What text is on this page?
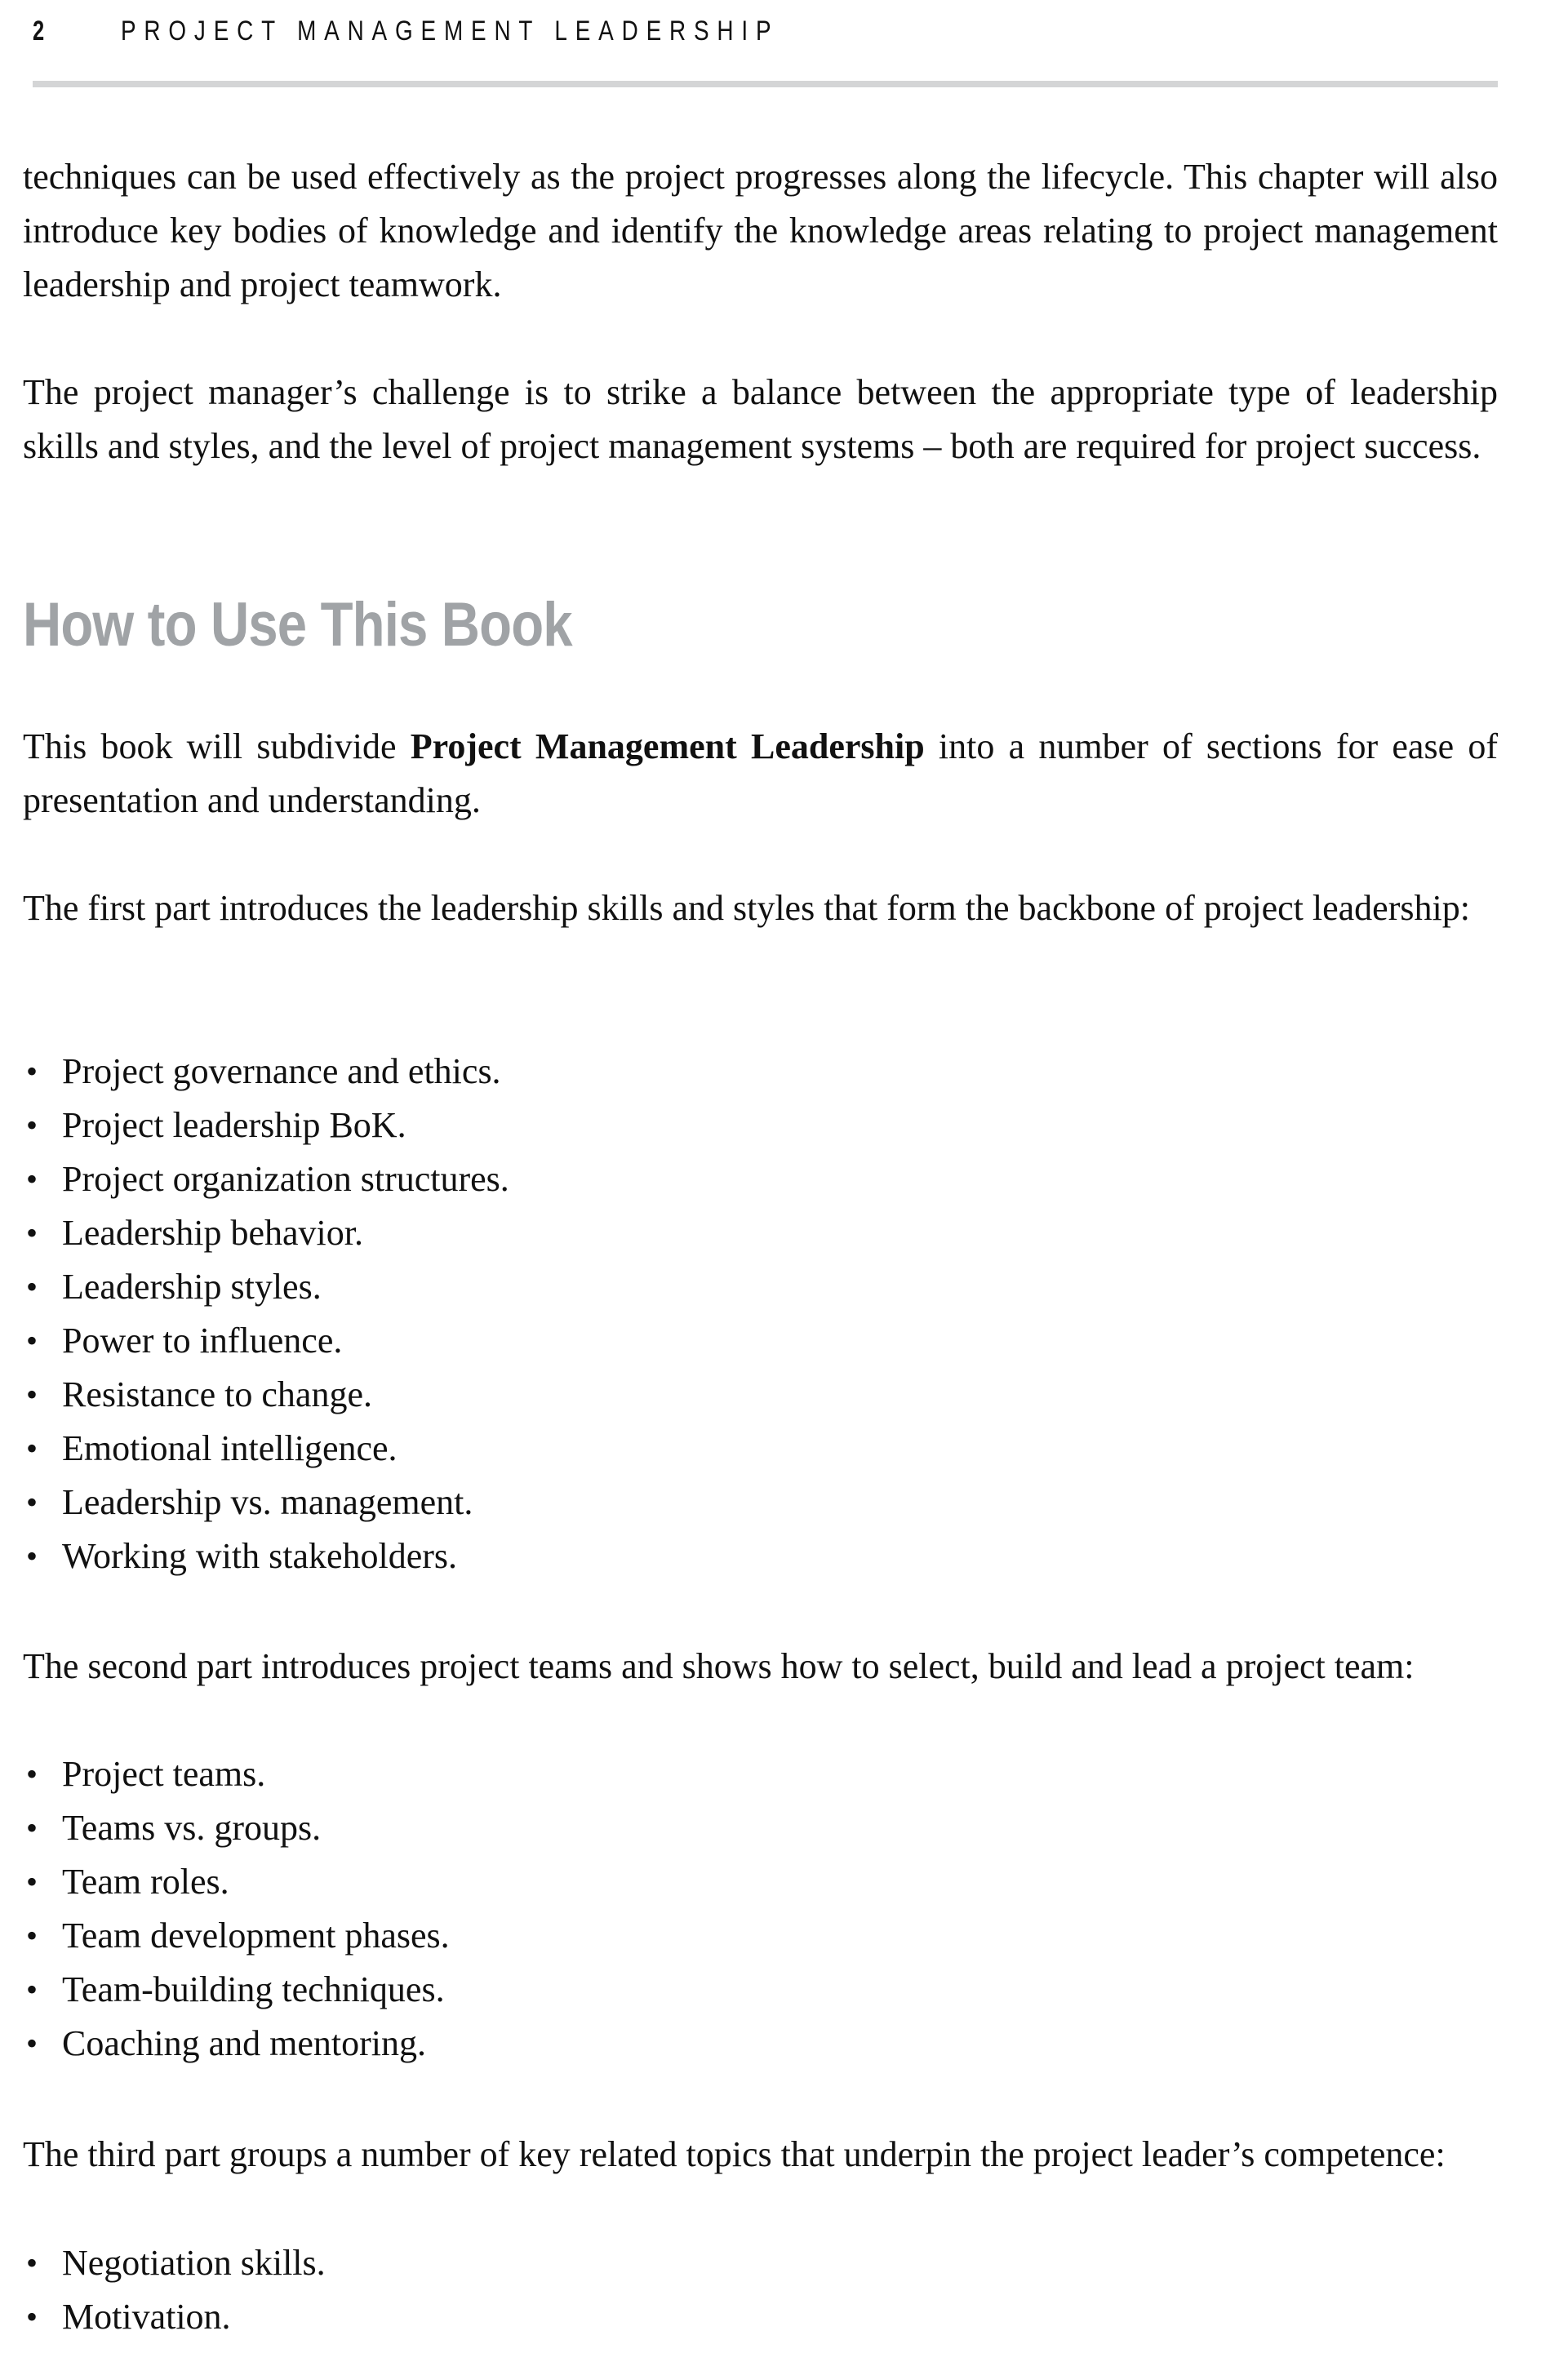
2	PROJECT MANAGEMENT LEADERSHIP

techniques can be used effectively as the project progresses along the lifecycle. This chapter will also introduce key bodies of knowledge and identify the knowledge areas relating to project management leadership and project teamwork.

The project manager’s challenge is to strike a balance between the appropriate type of leadership skills and styles, and the level of project management systems – both are required for project success.

How to Use This Book

This book will subdivide Project Management Leadership into a number of sections for ease of presentation and understanding.

The first part introduces the leadership skills and styles that form the backbone of project leadership:

• Project governance and ethics.
• Project leadership BoK.
• Project organization structures.
• Leadership behavior.
• Leadership styles.
• Power to influence.
• Resistance to change.
• Emotional intelligence.
• Leadership vs. management.
• Working with stakeholders.

The second part introduces project teams and shows how to select, build and lead a project team:

• Project teams.
• Teams vs. groups.
• Team roles.
• Team development phases.
• Team-building techniques.
• Coaching and mentoring.

The third part groups a number of key related topics that underpin the project leader’s competence:

• Negotiation skills.
• Motivation.
